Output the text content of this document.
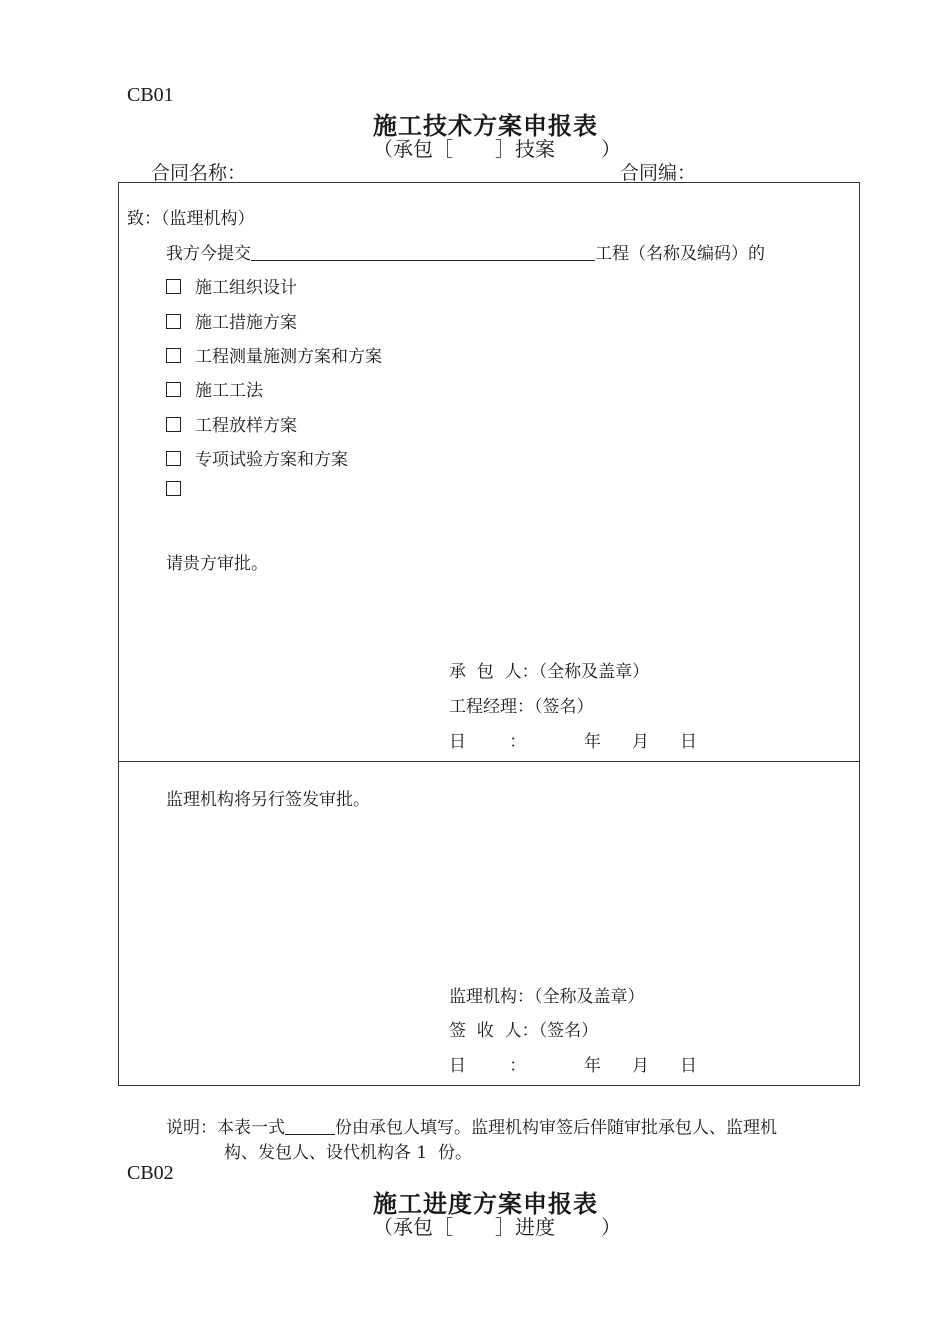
CB01
施工技术方案申报表
（承包［ ］技案 ）
合同名称：	合同编：
致：（监理机构）
我方今提交	工程（名称及编码）的
施工组织设计
施工措施方案
工程测量施测方案和方案
施工工法
工程放样方案
专项试验方案和方案
请贵方审批。
承  包  人：（全称及盖章）
工程经理：（签名）
日        ：	年 月 日
监理机构将另行签发审批。
监理机构：（全称及盖章）
签  收  人：（签名）
日        ：	年 月 日
说明：本表一式	份由承包人填写。监理机构审签后伴随审批承包人、监理机
构、发包人、设代机构各 1  份。
CB02
施工进度方案申报表
（承包［ ］进度 ）
